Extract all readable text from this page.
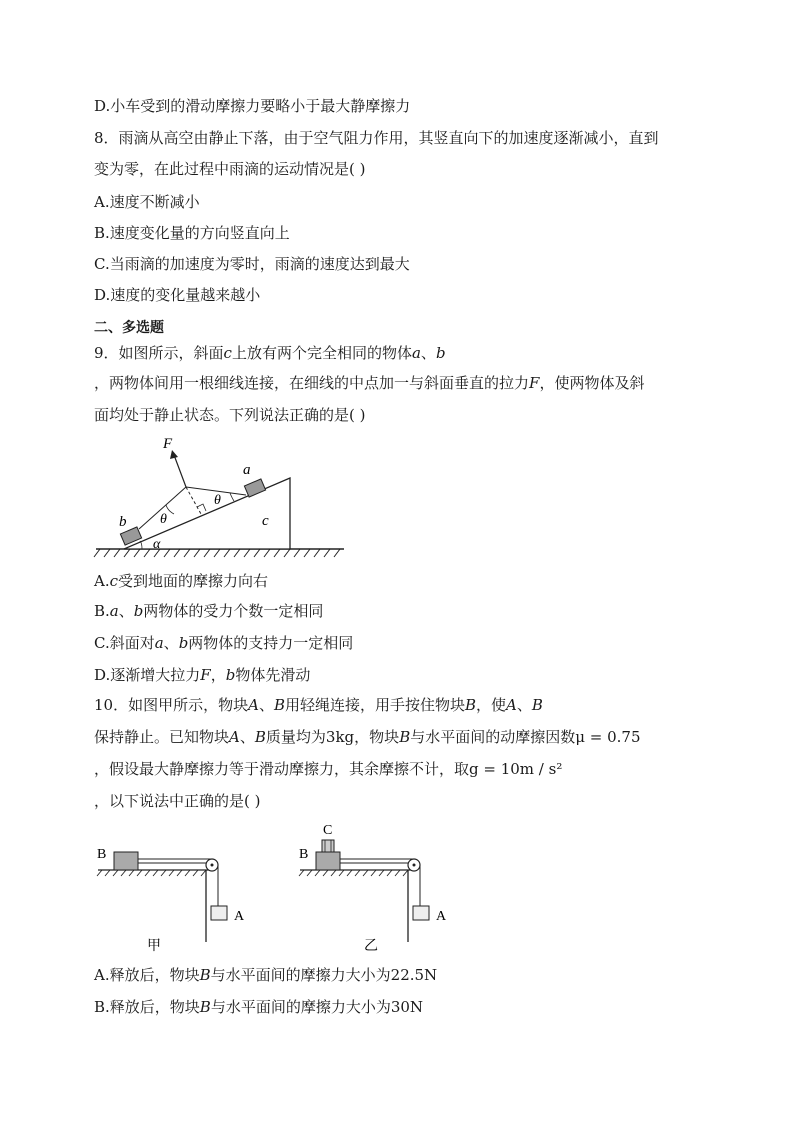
D.小车受到的滑动摩擦力要略小于最大静摩擦力
8．雨滴从高空由静止下落，由于空气阻力作用，其竖直向下的加速度逐渐减小，直到
变为零，在此过程中雨滴的运动情况是( )
A.速度不断减小
B.速度变化量的方向竖直向上
C.当雨滴的加速度为零时，雨滴的速度达到最大
D.速度的变化量越来越小
二、多选题
9．如图所示，斜面c上放有两个完全相同的物体a、b
，两物体间用一根细线连接，在细线的中点加一与斜面垂直的拉力F，使两物体及斜
面均处于静止状态。下列说法正确的是( )
F
a
b	c
θ
θ
α
A.c受到地面的摩擦力向右
B.a、b两物体的受力个数一定相同
C.斜面对a、b两物体的支持力一定相同
D.逐渐增大拉力F，b物体先滑动
10．如图甲所示，物块A、B用轻绳连接，用手按住物块B，使A、B
保持静止。已知物块A、B质量均为3kg，物块B与水平面间的动摩擦因数μ = 0.75
，假设最大静摩擦力等于滑动摩擦力，其余摩擦不计，取g = 10m / s²
，以下说法中正确的是( )
B
A
甲
C
B
A
乙
A.释放后，物块B与水平面间的摩擦力大小为22.5N
B.释放后，物块B与水平面间的摩擦力大小为30N
